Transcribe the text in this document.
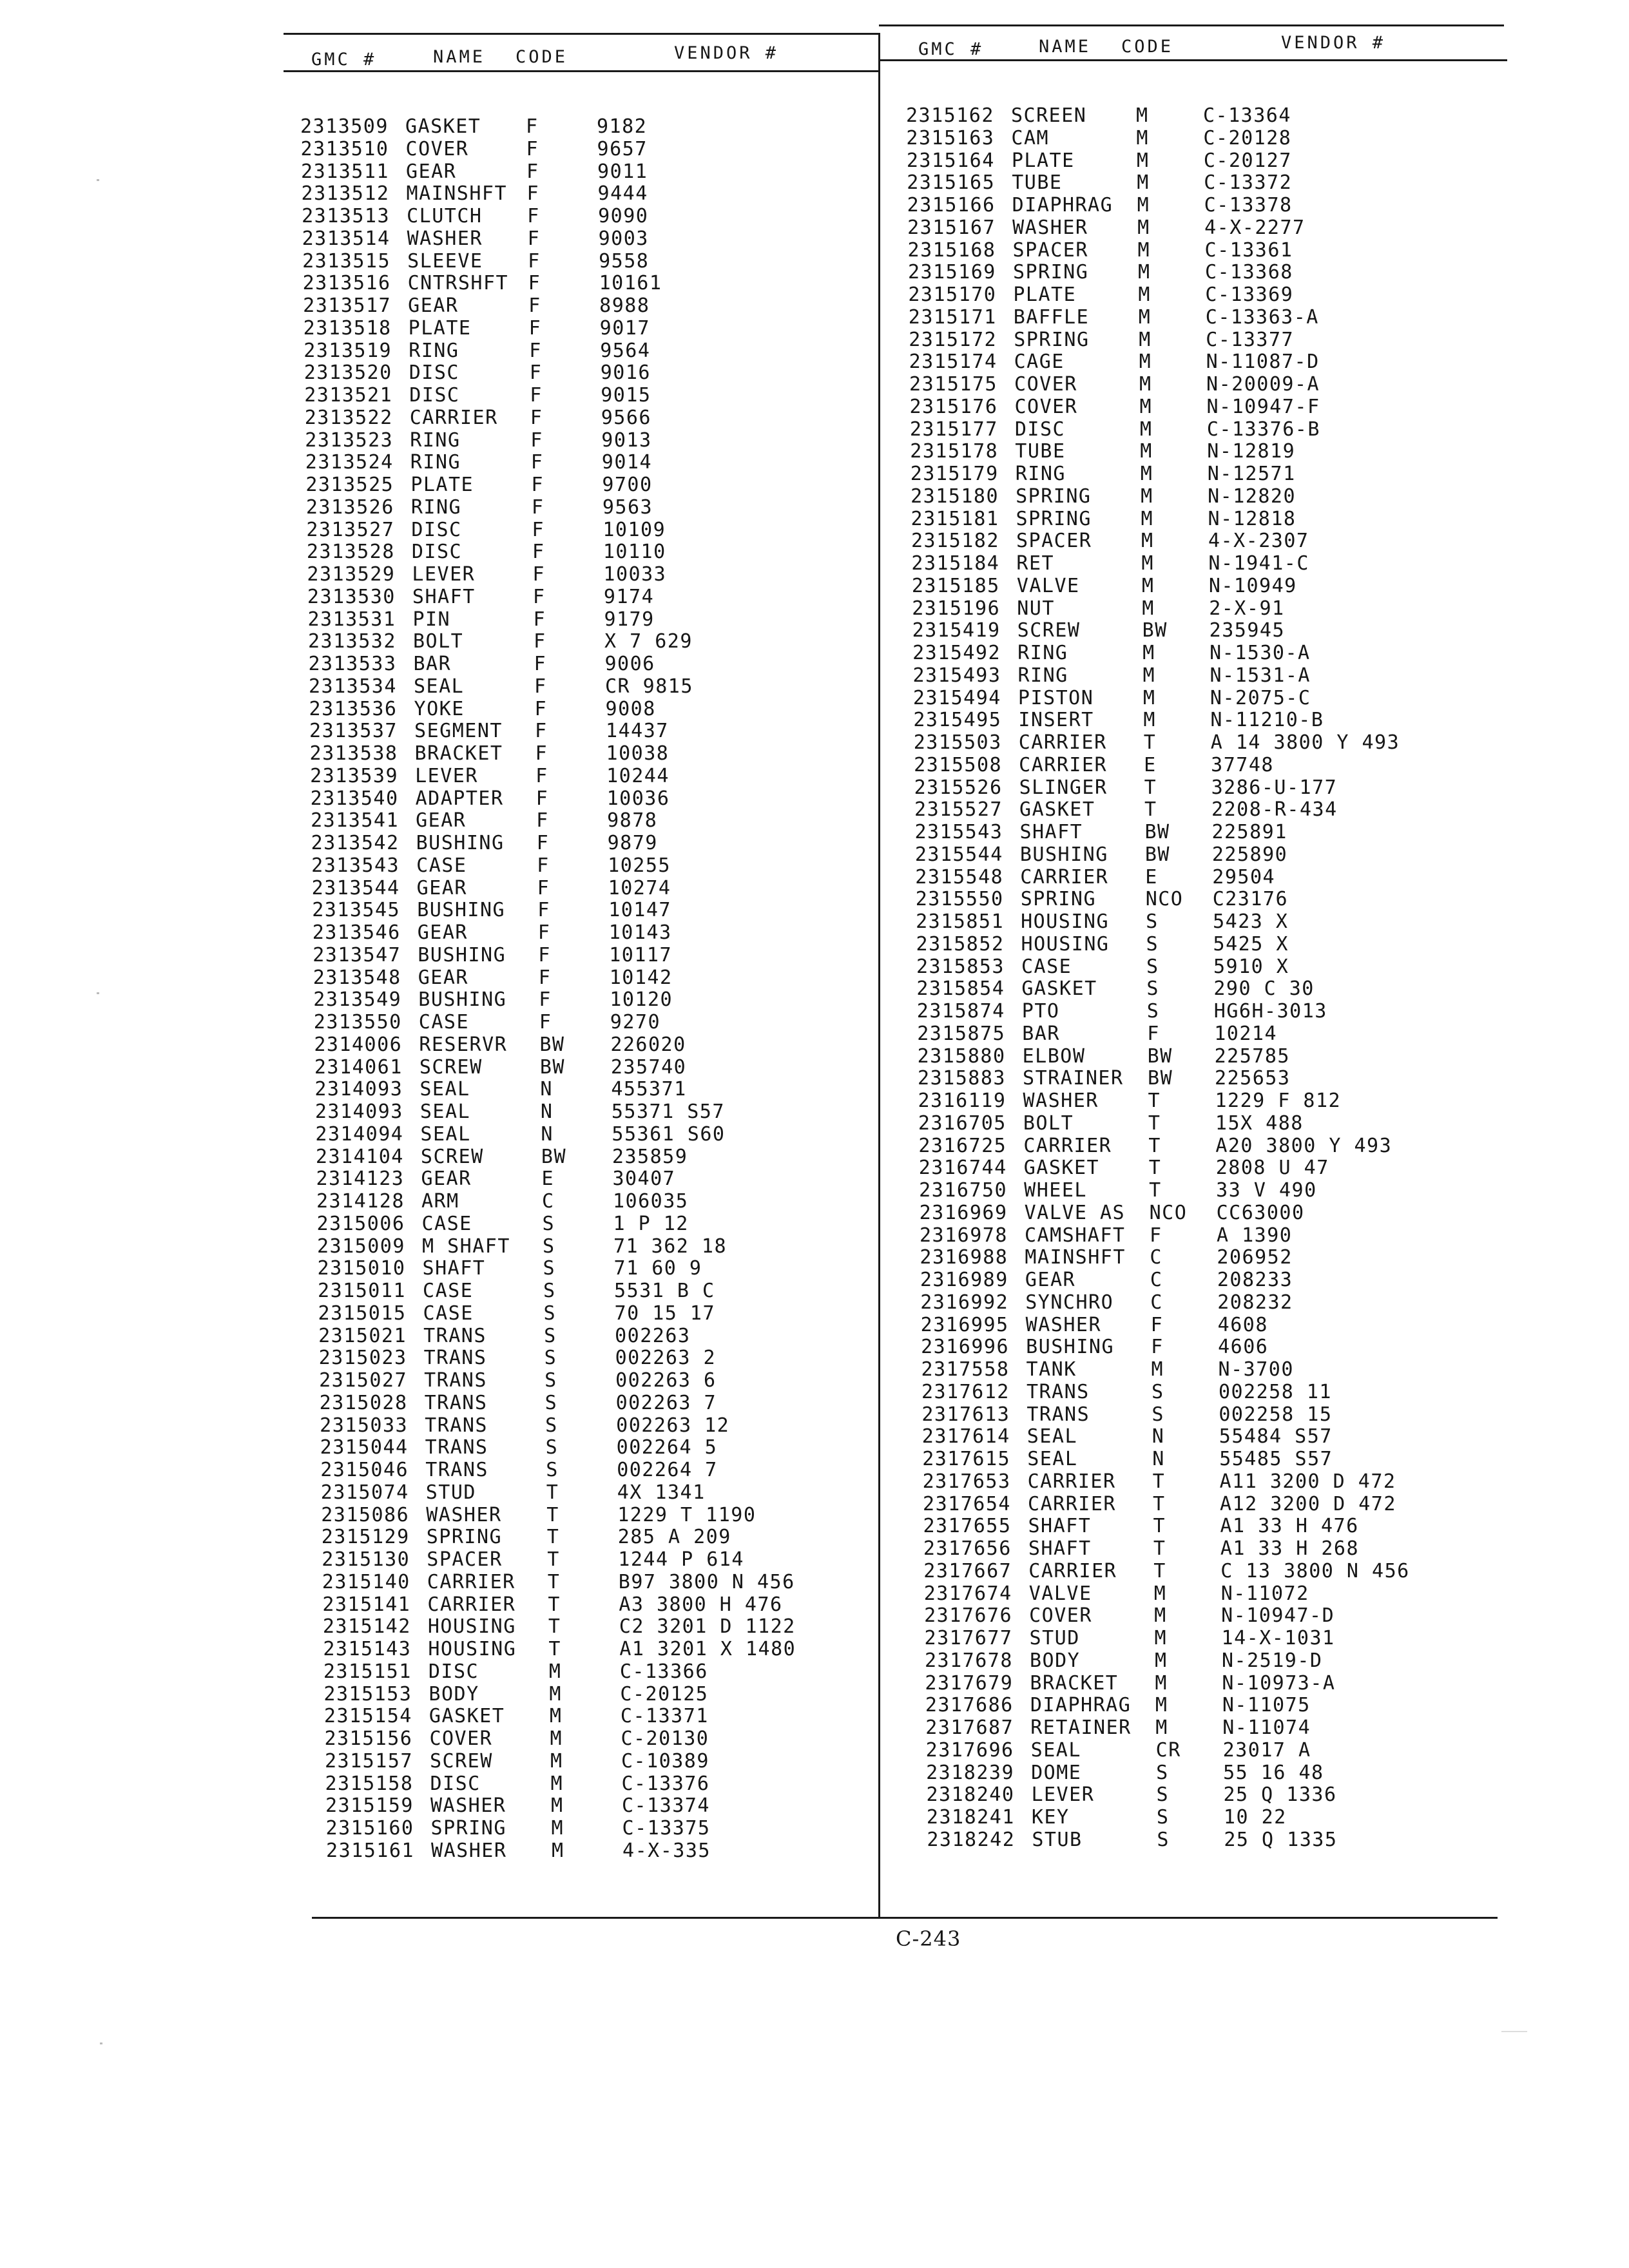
GMC #	NAME CODE	VENDOR #	GMC #	NAME CODE	VENDOR #
2313509 GASKET F	9182
2313510 COVER	F	9657
2313511 GEAR	F	9011
2313512 MAINSHFT F	9444
2313513 CLUTCH F	9090
2313514 WASHER F	9003
2313515 SLEEVE F	9558
2313516 CNTRSHFT F	10161
2313517 GEAR	F	8988
2313518 PLATE	F	9017
2313519 RING	F	9564
2313520 DISC	F	9016
2313521 DISC	F	9015
2313522 CARRIER F	9566
2313523 RING	F	9013
2313524 RING	F	9014
2313525 PLATE	F	9700
2313526 RING	F	9563
2313527 DISC	F	10109
2313528 DISC	F	10110
2313529 LEVER	F	10033
2313530 SHAFT	F	9174
2313531 PIN	F	9179
2313532 BOLT	F	X 7 629
2313533 BAR	F	9006
2313534 SEAL	F	CR 9815
2313536 YOKE	F	9008
2313537 SEGMENT F	14437
2313538 BRACKET F	10038
2313539 LEVER	F	10244
2313540 ADAPTER F	10036
2313541 GEAR	F	9878
2313542 BUSHING F	9879
2313543 CASE	F	10255
2313544 GEAR	F	10274
2313545 BUSHING F	10147
2313546 GEAR	F	10143
2313547 BUSHING F	10117
2313548 GEAR	F	10142
2313549 BUSHING F	10120
2313550 CASE	F	9270
2314006 RESERVR BW 226020
2314061 SCREW	BW 235740
2314093 SEAL	N	455371
2314093 SEAL	N	55371 S57
2314094 SEAL	N	55361 S60
2314104 SCREW	BW 235859
2314123 GEAR	E	30407
2314128 ARM	C	106035
2315006 CASE	S	1 P 12
2315009 M SHAFT S	71 362 18
2315010 SHAFT	S	71 60 9
2315011 CASE	S	5531 B C
2315015 CASE	S	70 15 17
2315021 TRANS	S	002263
2315023 TRANS	S	002263 2
2315027 TRANS	S	002263 6
2315028 TRANS	S	002263 7
2315033 TRANS	S	002263 12
2315044 TRANS	S	002264 5
2315046 TRANS	S	002264 7
2315074 STUD	T	4X 1341
2315086 WASHER T	1229 T 1190
2315129 SPRING T	285 A 209
2315130 SPACER T	1244 P 614
2315140 CARRIER T	B97 3800 N 456
2315141 CARRIER T	A3 3800 H 476
2315142 HOUSING T	C2 3201 D 1122
2315143 HOUSING T	A1 3201 X 1480
2315151 DISC	M	C-13366
2315153 BODY	M	C-20125
2315154 GASKET M	C-13371
2315156 COVER	M	C-20130
2315157 SCREW	M	C-10389
2315158 DISC	M	C-13376
2315159 WASHER M	C-13374
2315160 SPRING M	C-13375
2315161 WASHER M	4-X-335
2315162 SCREEN	M	C-13364
2315163 CAM	M	C-20128
2315164 PLATE	M	C-20127
2315165 TUBE	M	C-13372
2315166 DIAPHRAG M	C-13378
2315167 WASHER	M	4-X-2277
2315168 SPACER	M	C-13361
2315169 SPRING	M	C-13368
2315170 PLATE	M	C-13369
2315171 BAFFLE	M	C-13363-A
2315172 SPRING	M	C-13377
2315174 CAGE	M	N-11087-D
2315175 COVER	M	N-20009-A
2315176 COVER	M	N-10947-F
2315177 DISC	M	C-13376-B
2315178 TUBE	M	N-12819
2315179 RING	M	N-12571
2315180 SPRING	M	N-12820
2315181 SPRING	M	N-12818
2315182 SPACER	M	4-X-2307
2315184 RET	M	N-1941-C
2315185 VALVE	M	N-10949
2315196 NUT	M	2-X-91
2315419 SCREW	BW 235945
2315492 RING	M	N-1530-A
2315493 RING	M	N-1531-A
2315494 PISTON	M	N-2075-C
2315495 INSERT	M	N-11210-B
2315503 CARRIER T	A 14 3800 Y 493
2315508 CARRIER E	37748
2315526 SLINGER T	3286-U-177
2315527 GASKET	T	2208-R-434
2315543 SHAFT	BW 225891
2315544 BUSHING BW 225890
2315548 CARRIER E	29504
2315550 SPRING	NCO C23176
2315851 HOUSING S	5423 X
2315852 HOUSING S	5425 X
2315853 CASE	S	5910 X
2315854 GASKET	S	290 C 30
2315874 PTO	S	HG6H-3013
2315875 BAR	F	10214
2315880 ELBOW	BW 225785
2315883 STRAINER BW 225653
2316119 WASHER	T	1229 F 812
2316705 BOLT	T	15X 488
2316725 CARRIER T	A20 3800 Y 493
2316744 GASKET	T	2808 U 47
2316750 WHEEL	T	33 V 490
2316969 VALVE AS NCO CC63000
2316978 CAMSHAFT F	A 1390
2316988 MAINSHFT C	206952
2316989 GEAR	C	208233
2316992 SYNCHRO C	208232
2316995 WASHER	F	4608
2316996 BUSHING F	4606
2317558 TANK	M	N-3700
2317612 TRANS	S	002258 11
2317613 TRANS	S	002258 15
2317614 SEAL	N	55484 S57
2317615 SEAL	N	55485 S57
2317653 CARRIER T	A11 3200 D 472
2317654 CARRIER T	A12 3200 D 472
2317655 SHAFT	T	A1 33 H 476
2317656 SHAFT	T	A1 33 H 268
2317667 CARRIER T	C 13 3800 N 456
2317674 VALVE	M	N-11072
2317676 COVER	M	N-10947-D
2317677 STUD	M	14-X-1031
2317678 BODY	M	N-2519-D
2317679 BRACKET M	N-10973-A
2317686 DIAPHRAG M	N-11075
2317687 RETAINER M	N-11074
2317696 SEAL	CR 23017 A
2318239 DOME	S	55 16 48
2318240 LEVER	S	25 Q 1336
2318241 KEY	S	10 22
2318242 STUB	S	25 Q 1335
C-243
